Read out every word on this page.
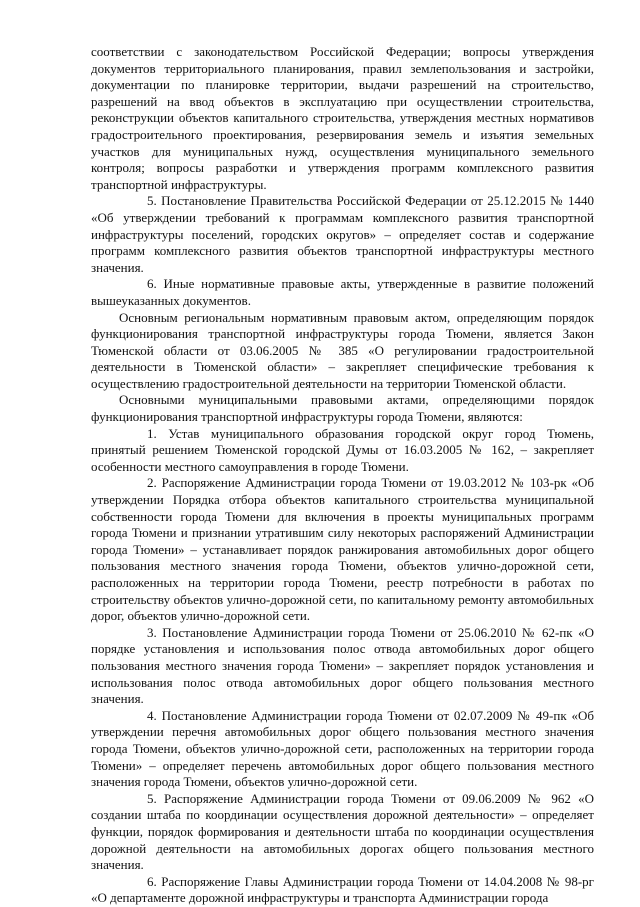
соответствии с законодательством Российской Федерации; вопросы утверждения документов территориального планирования, правил землепользования и застройки, документации по планировке территории, выдачи разрешений на строительство, разрешений на ввод объектов в эксплуатацию при осуществлении строительства, реконструкции объектов капитального строительства, утверждения местных нормативов градостроительного проектирования, резервирования земель и изъятия земельных участков для муниципальных нужд, осуществления муниципального земельного контроля; вопросы разработки и утверждения программ комплексного развития транспортной инфраструктуры.

5. Постановление Правительства Российской Федерации от 25.12.2015 № 1440 «Об утверждении требований к программам комплексного развития транспортной инфраструктуры поселений, городских округов» – определяет состав и содержание программ комплексного развития объектов транспортной инфраструктуры местного значения.

6. Иные нормативные правовые акты, утвержденные в развитие положений вышеуказанных документов.

Основным региональным нормативным правовым актом, определяющим порядок функционирования транспортной инфраструктуры города Тюмени, является Закон Тюменской области от 03.06.2005 № 385 «О регулировании градостроительной деятельности в Тюменской области» – закрепляет специфические требования к осуществлению градостроительной деятельности на территории Тюменской области.

Основными муниципальными правовыми актами, определяющими порядок функционирования транспортной инфраструктуры города Тюмени, являются:

1. Устав муниципального образования городской округ город Тюмень, принятый решением Тюменской городской Думы от 16.03.2005 № 162, – закрепляет особенности местного самоуправления в городе Тюмени.

2. Распоряжение Администрации города Тюмени от 19.03.2012 № 103-рк «Об утверждении Порядка отбора объектов капитального строительства муниципальной собственности города Тюмени для включения в проекты муниципальных программ города Тюмени и признании утратившим силу некоторых распоряжений Администрации города Тюмени» – устанавливает порядок ранжирования автомобильных дорог общего пользования местного значения города Тюмени, объектов улично-дорожной сети, расположенных на территории города Тюмени, реестр потребности в работах по строительству объектов улично-дорожной сети, по капитальному ремонту автомобильных дорог, объектов улично-дорожной сети.

3. Постановление Администрации города Тюмени от 25.06.2010 № 62-пк «О порядке установления и использования полос отвода автомобильных дорог общего пользования местного значения города Тюмени» – закрепляет порядок установления и использования полос отвода автомобильных дорог общего пользования местного значения.

4. Постановление Администрации города Тюмени от 02.07.2009 № 49-пк «Об утверждении перечня автомобильных дорог общего пользования местного значения города Тюмени, объектов улично-дорожной сети, расположенных на территории города Тюмени» – определяет перечень автомобильных дорог общего пользования местного значения города Тюмени, объектов улично-дорожной сети.

5. Распоряжение Администрации города Тюмени от 09.06.2009 № 962 «О создании штаба по координации осуществления дорожной деятельности» – определяет функции, порядок формирования и деятельности штаба по координации осуществления дорожной деятельности на автомобильных дорогах общего пользования местного значения.

6. Распоряжение Главы Администрации города Тюмени от 14.04.2008 № 98-рг «О департаменте дорожной инфраструктуры и транспорта Администрации города
